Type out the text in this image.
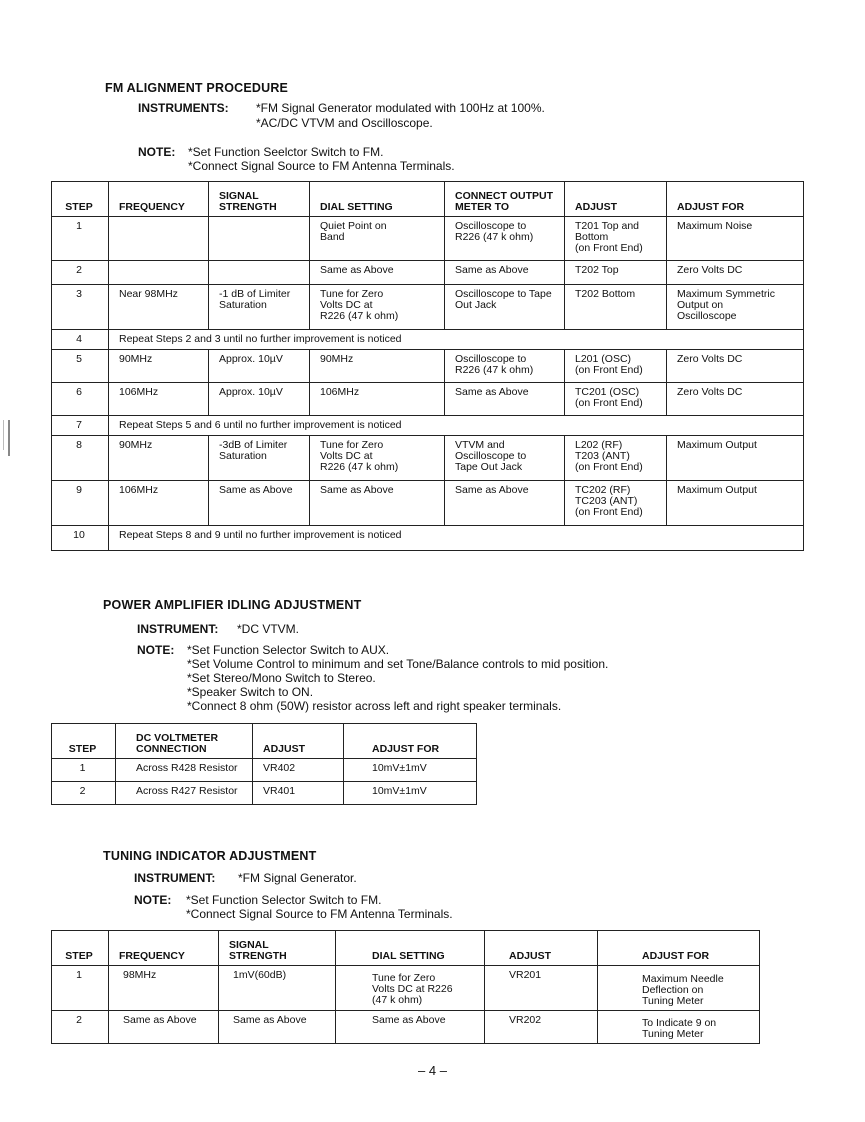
FM ALIGNMENT PROCEDURE
INSTRUMENTS: *FM Signal Generator modulated with 100Hz at 100%.
*AC/DC VTVM and Oscilloscope.
NOTE: *Set Function Seelctor Switch to FM.
*Connect Signal Source to FM Antenna Terminals.
STEP	FREQUENCY	SIGNAL
STRENGTH	DIAL SETTING	CONNECT OUTPUT
METER TO	ADJUST	ADJUST FOR
1			Quiet Point on
Band	Oscilloscope to
R226 (47 k ohm)	T201 Top and
Bottom
(on Front End)	Maximum Noise
2			Same as Above	Same as Above	T202 Top	Zero Volts DC
3	Near 98MHz	-1 dB of Limiter
Saturation	Tune for Zero
Volts DC at
R226 (47 k ohm)	Oscilloscope to Tape
Out Jack	T202 Bottom	Maximum Symmetric
Output on
Oscilloscope
4	Repeat Steps 2 and 3 until no further improvement is noticed					
5	90MHz	Approx. 10µV	90MHz	Oscilloscope to
R226 (47 k ohm)	L201 (OSC)
(on Front End)	Zero Volts DC
6	106MHz	Approx. 10µV	106MHz	Same as Above	TC201 (OSC)
(on Front End)	Zero Volts DC
7	Repeat Steps 5 and 6 until no further improvement is noticed					
8	90MHz	-3dB of Limiter
Saturation	Tune for Zero
Volts DC at
R226 (47 k ohm)	VTVM and
Oscilloscope to
Tape Out Jack	L202 (RF)
T203 (ANT)
(on Front End)	Maximum Output
9	106MHz	Same as Above	Same as Above	Same as Above	TC202 (RF)
TC203 (ANT)
(on Front End)	Maximum Output
10	Repeat Steps 8 and 9 until no further improvement is noticed					
POWER AMPLIFIER IDLING ADJUSTMENT
INSTRUMENT: *DC VTVM.
NOTE: *Set Function Selector Switch to AUX.
*Set Volume Control to minimum and set Tone/Balance controls to mid position.
*Set Stereo/Mono Switch to Stereo.
*Speaker Switch to ON.
*Connect 8 ohm (50W) resistor across left and right speaker terminals.
STEP	DC VOLTMETER
CONNECTION	ADJUST	ADJUST FOR
1	Across R428 Resistor	VR402	10mV±1mV
2	Across R427 Resistor	VR401	10mV±1mV
TUNING INDICATOR ADJUSTMENT
INSTRUMENT: *FM Signal Generator.
NOTE: *Set Function Selector Switch to FM.
*Connect Signal Source to FM Antenna Terminals.
STEP	FREQUENCY	SIGNAL
STRENGTH	DIAL SETTING	ADJUST	ADJUST FOR
1	98MHz	1mV(60dB)	Tune for Zero
Volts DC at R226
(47 k ohm)	VR201	Maximum Needle
Deflection on
Tuning Meter
2	Same as Above	Same as Above	Same as Above	VR202	To Indicate 9 on
Tuning Meter
– 4 –
